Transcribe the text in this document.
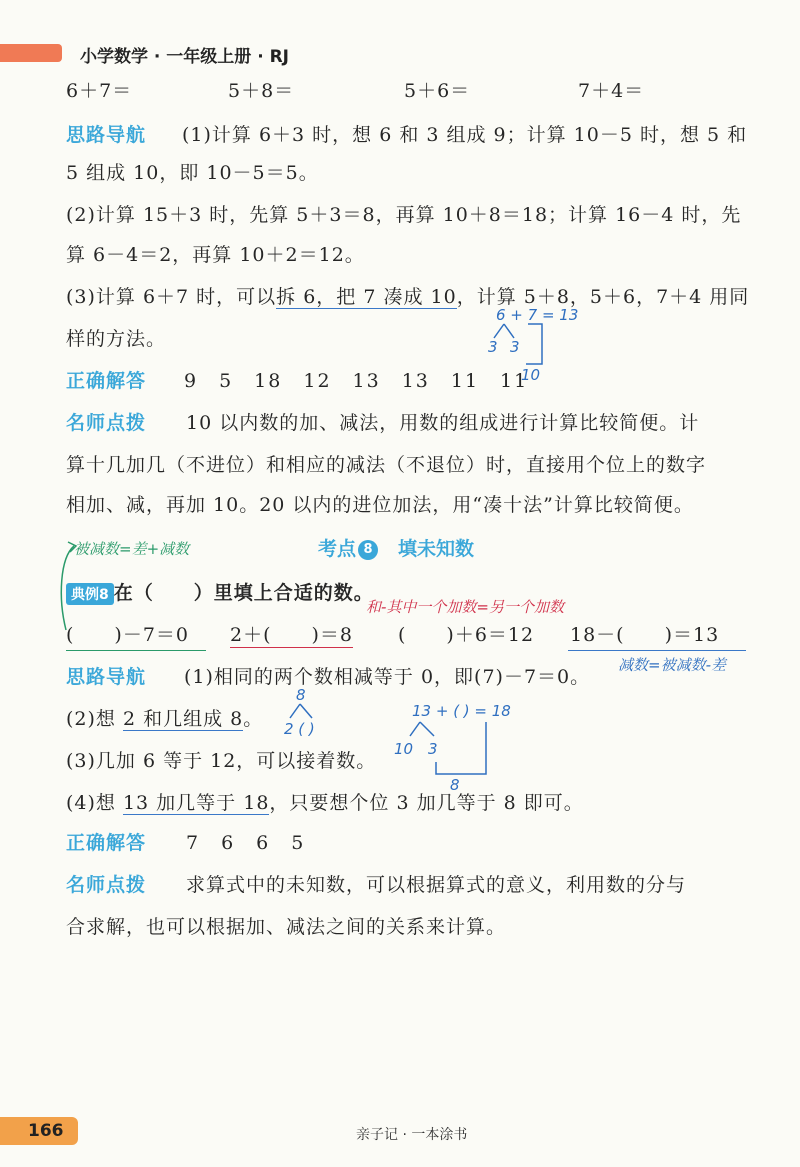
小学数学 · 一年级上册 · RJ
6＋7＝	5＋8＝	5＋6＝	7＋4＝
思路导航 (1)计算 6＋3 时，想 6 和 3 组成 9；计算 10－5 时，想 5 和
5 组成 10，即 10－5＝5。
(2)计算 15＋3 时，先算 5＋3＝8，再算 10＋8＝18；计算 16－4 时，先
算 6－4＝2，再算 10＋2＝12。
(3)计算 6＋7 时，可以拆 6，把 7 凑成 10，计算 5＋8，5＋6，7＋4 用同
样的方法。
6 + 7 = 13
3 3
10
正确解答 9　5　18　12　13　13　11　11
名师点拨 10 以内数的加、减法，用数的组成进行计算比较简便。计
算十几加几（不进位）和相应的减法（不退位）时，直接用个位上的数字
相加、减，再加 10。20 以内的进位加法，用“凑十法”计算比较简便。
被减数=差+减数	考点 8 填未知数
典例8 在（　　）里填上合适的数。
和-其中一个加数=另一个加数
(　　)－7＝0 2＋(　　)＝8 (　　)＋6＝12 18－(　　)＝13
思路导航 (1)相同的两个数相减等于 0，即(7)－7＝0。
减数=被减数-差
(2)想 2 和几组成 8。
8
2 ( )
13 + ( ) = 18
10 3
8
(3)几加 6 等于 12，可以接着数。
(4)想 13 加几等于 18，只要想个位 3 加几等于 8 即可。
正确解答 7　6　6　5
名师点拨 求算式中的未知数，可以根据算式的意义，利用数的分与
合求解，也可以根据加、减法之间的关系来计算。
166	亲子记 · 一本涂书
